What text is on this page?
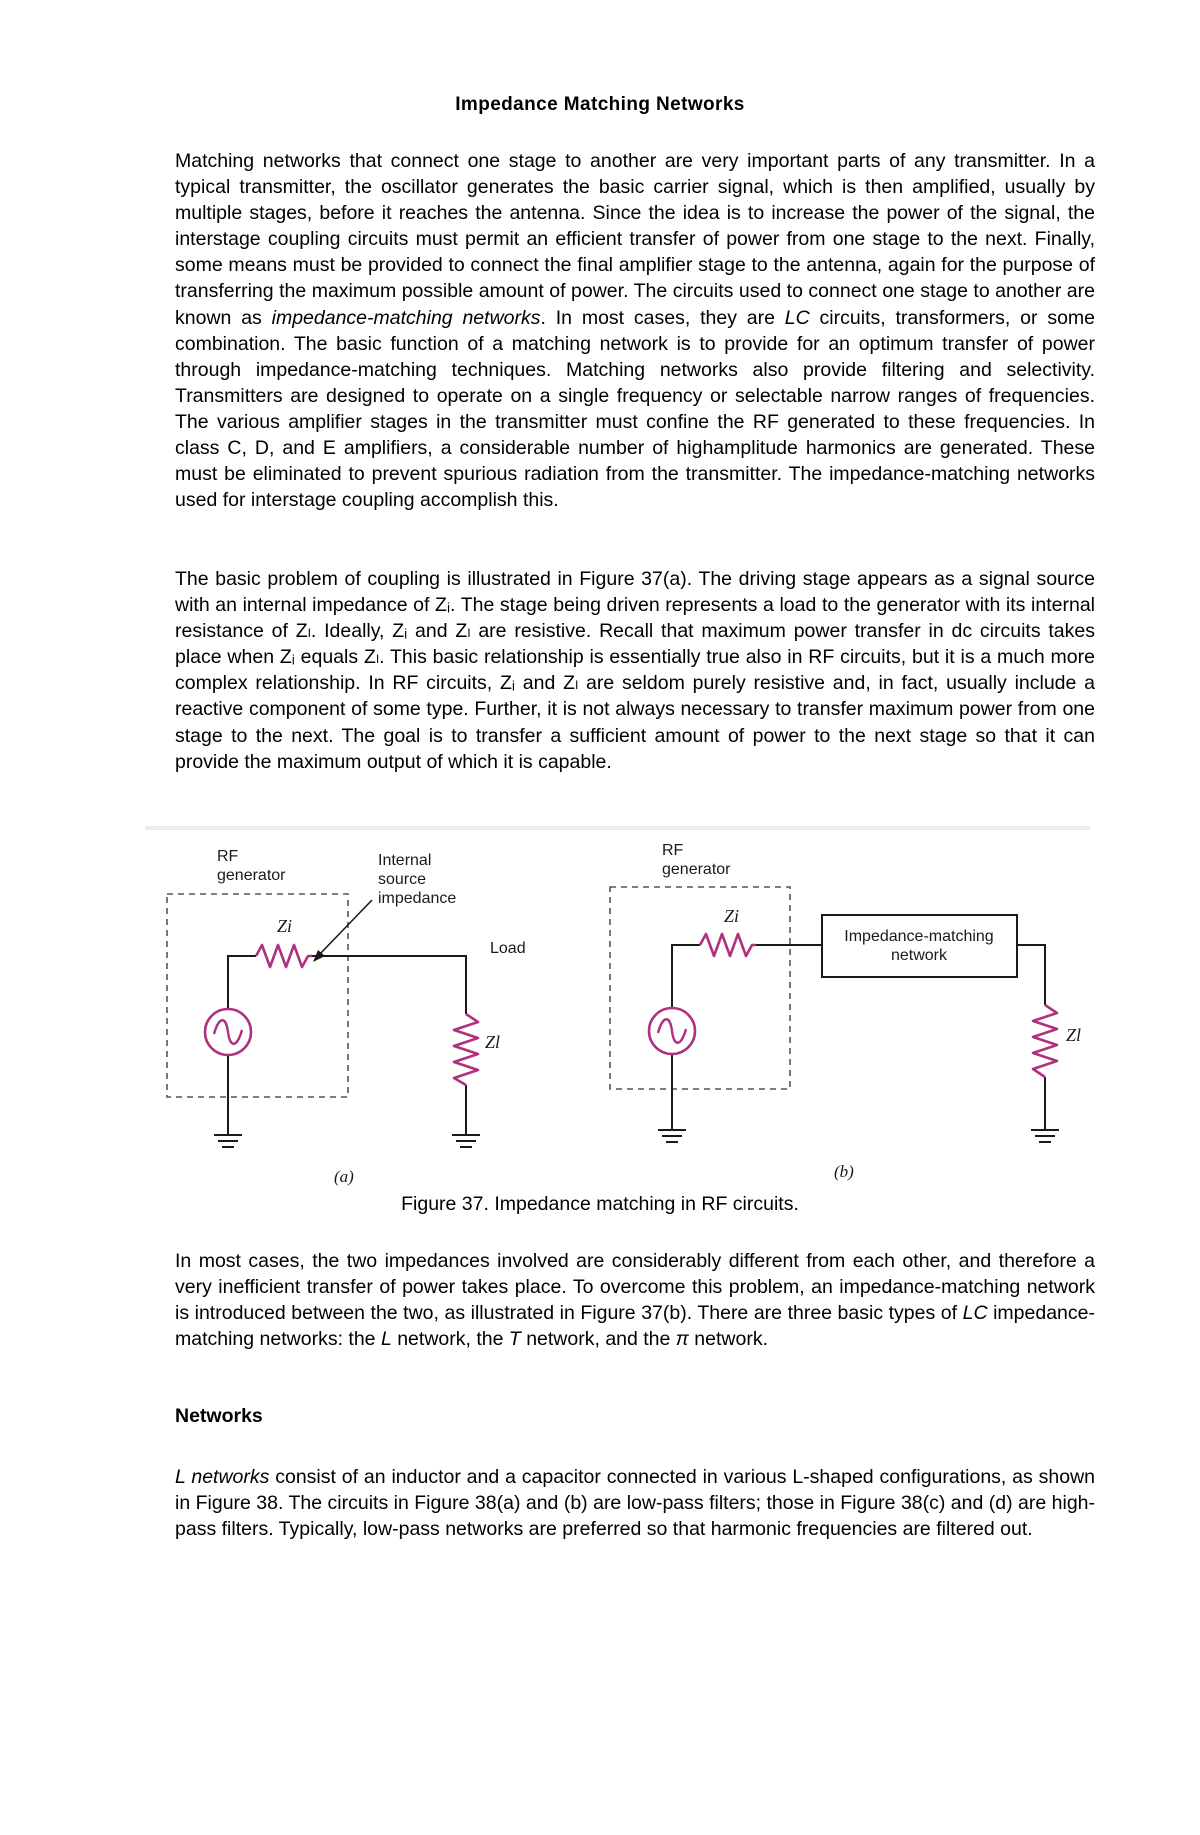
Impedance Matching Networks

Matching networks that connect one stage to another are very important parts of any transmitter. In a typical transmitter, the oscillator generates the basic carrier signal, which is then amplified, usually by multiple stages, before it reaches the antenna. Since the idea is to increase the power of the signal, the interstage coupling circuits must permit an efficient transfer of power from one stage to the next. Finally, some means must be provided to connect the final amplifier stage to the antenna, again for the purpose of transferring the maximum possible amount of power. The circuits used to connect one stage to another are known as impedance-matching networks. In most cases, they are LC circuits, transformers, or some combination. The basic function of a matching network is to provide for an optimum transfer of power through impedance-matching techniques. Matching networks also provide filtering and selectivity. Transmitters are designed to operate on a single frequency or selectable narrow ranges of frequencies. The various amplifier stages in the transmitter must confine the RF generated to these frequencies. In class C, D, and E amplifiers, a considerable number of highamplitude harmonics are generated. These must be eliminated to prevent spurious radiation from the transmitter. The impedance-matching networks used for interstage coupling accomplish this.

The basic problem of coupling is illustrated in Figure 37(a). The driving stage appears as a signal source with an internal impedance of Zᵢ. The stage being driven represents a load to the generator with its internal resistance of Zₗ. Ideally, Zᵢ and Zₗ are resistive. Recall that maximum power transfer in dc circuits takes place when Zᵢ equals Zₗ. This basic relationship is essentially true also in RF circuits, but it is a much more complex relationship. In RF circuits, Zᵢ and Zₗ are seldom purely resistive and, in fact, usually include a reactive component of some type. Further, it is not always necessary to transfer maximum power from one stage to the next. The goal is to transfer a sufficient amount of power to the next stage so that it can provide the maximum output of which it is capable.

RF
generator
Internal
source
impedance
Zi
Zl
Load
(a)
RF
generator
Zi
Impedance-matching
network
Zl
(b)
Figure 37. Impedance matching in RF circuits.

In most cases, the two impedances involved are considerably different from each other, and therefore a very inefficient transfer of power takes place. To overcome this problem, an impedance-matching network is introduced between the two, as illustrated in Figure 37(b). There are three basic types of LC impedance-matching networks: the L network, the T network, and the π network.

Networks

L networks consist of an inductor and a capacitor connected in various L-shaped configurations, as shown in Figure 38. The circuits in Figure 38(a) and (b) are low-pass filters; those in Figure 38(c) and (d) are high-pass filters. Typically, low-pass networks are preferred so that harmonic frequencies are filtered out.
